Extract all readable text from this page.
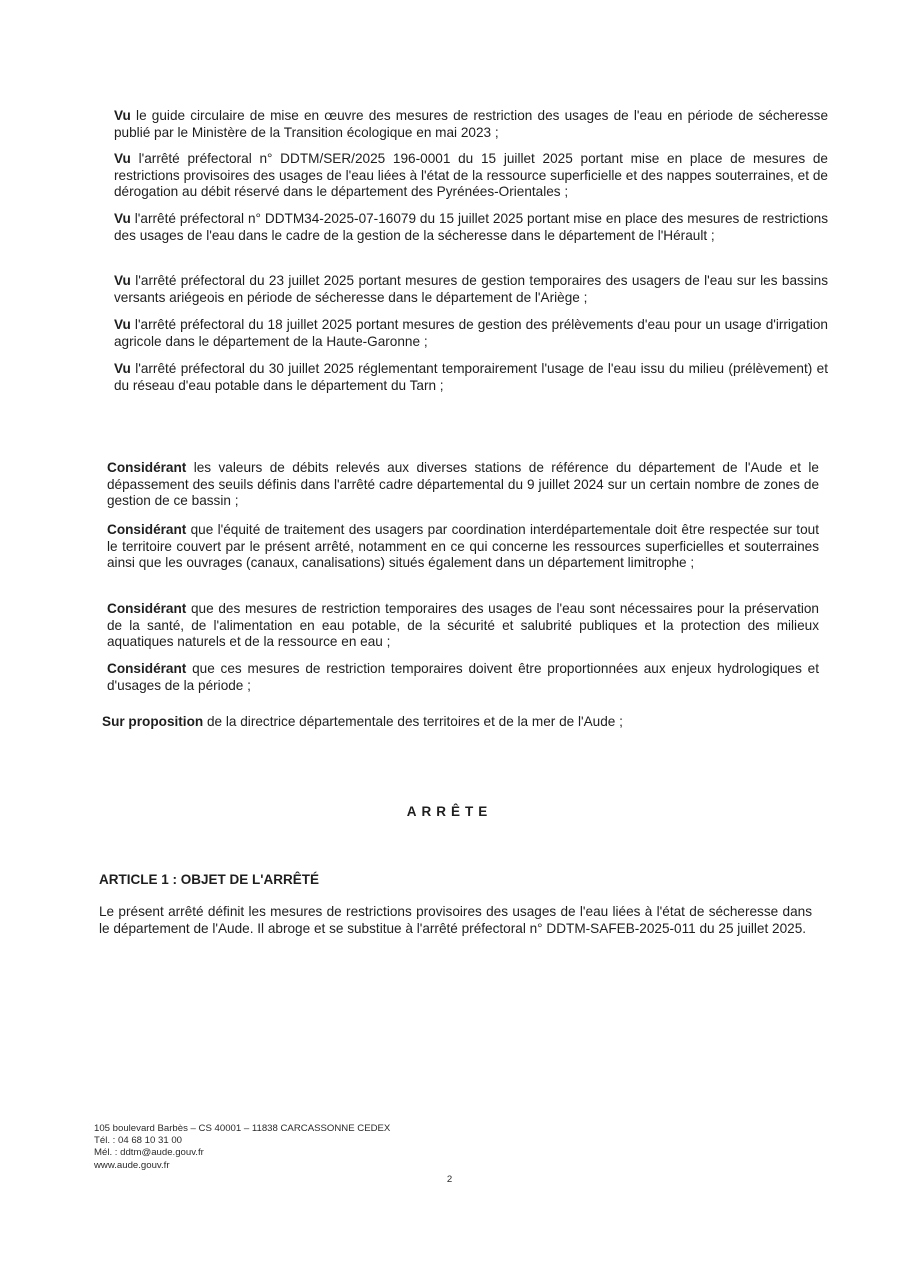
Vu le guide circulaire de mise en œuvre des mesures de restriction des usages de l'eau en période de sécheresse publié par le Ministère de la Transition écologique en mai 2023 ;

Vu l'arrêté préfectoral n° DDTM/SER/2025 196-0001 du 15 juillet 2025 portant mise en place de mesures de restrictions provisoires des usages de l'eau liées à l'état de la ressource superficielle et des nappes souterraines, et de dérogation au débit réservé dans le département des Pyrénées-Orientales ;

Vu l'arrêté préfectoral n° DDTM34-2025-07-16079 du 15 juillet 2025 portant mise en place des mesures de restrictions des usages de l'eau dans le cadre de la gestion de la sécheresse dans le département de l'Hérault ;

Vu l'arrêté préfectoral du 23 juillet 2025 portant mesures de gestion temporaires des usagers de l'eau sur les bassins versants ariégeois en période de sécheresse dans le département de l'Ariège ;

Vu l'arrêté préfectoral du 18 juillet 2025 portant mesures de gestion des prélèvements d'eau pour un usage d'irrigation agricole dans le département de la Haute-Garonne ;

Vu l'arrêté préfectoral du 30 juillet 2025 réglementant temporairement l'usage de l'eau issu du milieu (prélèvement) et du réseau d'eau potable dans le département du Tarn ;

Considérant les valeurs de débits relevés aux diverses stations de référence du département de l'Aude et le dépassement des seuils définis dans l'arrêté cadre départemental du 9 juillet 2024 sur un certain nombre de zones de gestion de ce bassin ;

Considérant que l'équité de traitement des usagers par coordination interdépartementale doit être respectée sur tout le territoire couvert par le présent arrêté, notamment en ce qui concerne les ressources superficielles et souterraines ainsi que les ouvrages (canaux, canalisations) situés également dans un département limitrophe ;

Considérant que des mesures de restriction temporaires des usages de l'eau sont nécessaires pour la préservation de la santé, de l'alimentation en eau potable, de la sécurité et salubrité publiques et la protection des milieux aquatiques naturels et de la ressource en eau ;

Considérant que ces mesures de restriction temporaires doivent être proportionnées aux enjeux hydrologiques et d'usages de la période ;

Sur proposition de la directrice départementale des territoires et de la mer de l'Aude ;

ARRÊTE

ARTICLE 1 : OBJET DE L'ARRÊTÉ

Le présent arrêté définit les mesures de restrictions provisoires des usages de l'eau liées à l'état de sécheresse dans le département de l'Aude. Il abroge et se substitue à l'arrêté préfectoral n° DDTM-SAFEB-2025-011 du 25 juillet 2025.

105 boulevard Barbès – CS 40001 – 11838 CARCASSONNE CEDEX
Tél. : 04 68 10 31 00
Mél. : ddtm@aude.gouv.fr
www.aude.gouv.fr

2
